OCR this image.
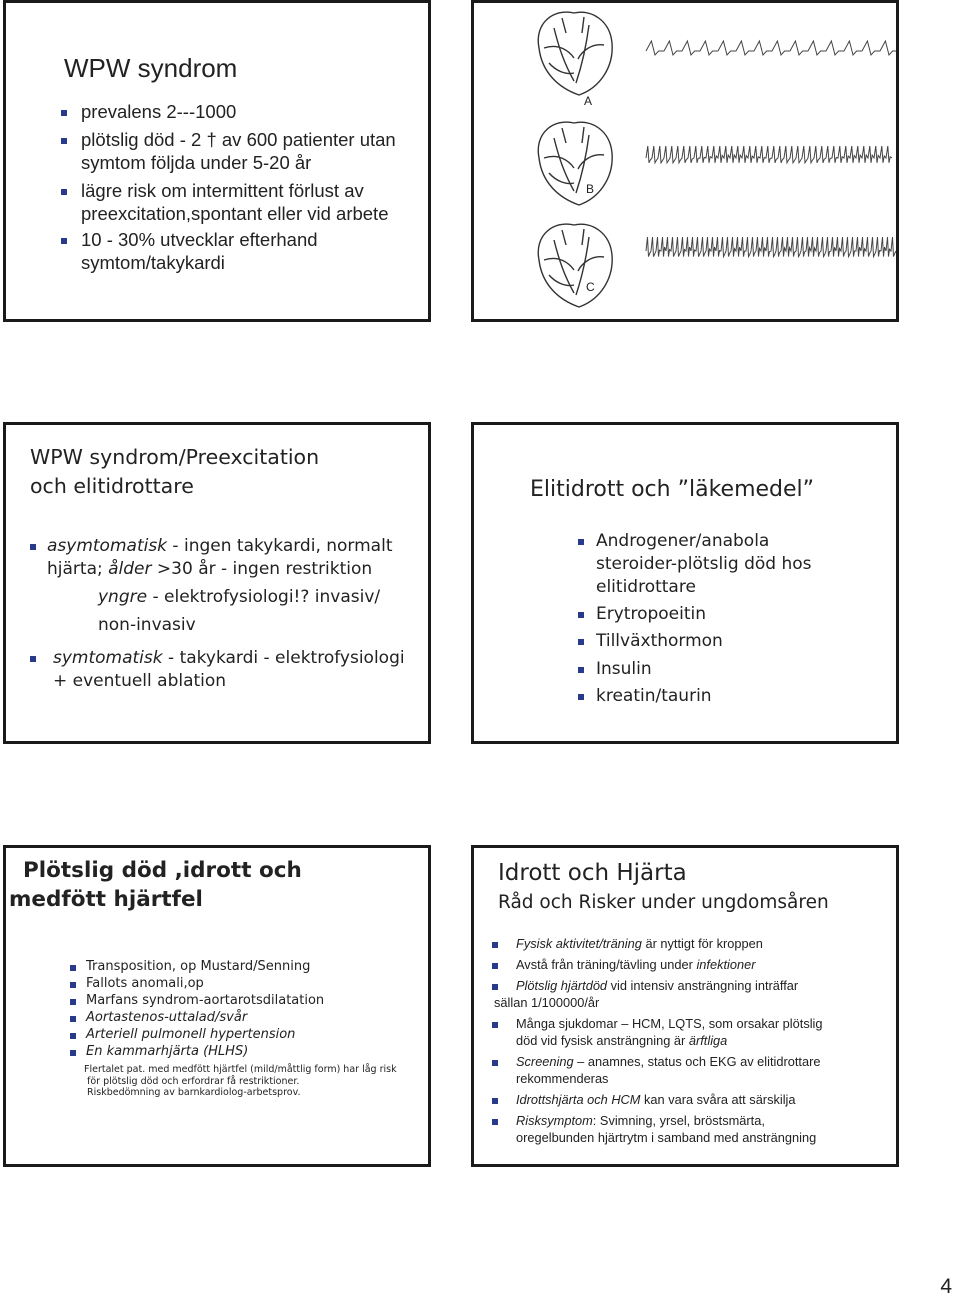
WPW syndrom
prevalens 2---1000
plötslig död - 2 † av 600 patienter utan
symtom följda under 5-20 år
lägre risk om intermittent förlust av
preexcitation,spontant eller vid arbete
10 - 30% utvecklar efterhand
symtom/takykardi
A
B
C
WPW syndrom/Preexcitation
och elitidrottare
asymtomatisk - ingen takykardi, normalt
hjärta; ålder >30 år - ingen restriktion
yngre - elektrofysiologi!? invasiv/
non-invasiv
symtomatisk - takykardi - elektrofysiologi
+ eventuell ablation
Elitidrott och ”läkemedel”
Androgener/anabola
steroider-plötslig död hos
elitidrottare
Erytropoeitin
Tillväxthormon
Insulin
kreatin/taurin
Plötslig död ,idrott och
medfött hjärtfel
Transposition, op Mustard/Senning
Fallots anomali,op
Marfans syndrom-aortarotsdilatation
Aortastenos-uttalad/svår
Arteriell pulmonell hypertension
En kammarhjärta (HLHS)
Flertalet pat. med medfött hjärtfel (mild/måttlig form) har låg risk
för plötslig död och erfordrar få restriktioner.
Riskbedömning av barnkardiolog-arbetsprov.
Idrott och Hjärta
Råd och Risker under ungdomsåren
Fysisk aktivitet/träning är nyttigt för kroppen
Avstå från träning/tävling under infektioner
Plötslig hjärtdöd vid intensiv ansträngning inträffar
sällan 1/100000/år
Många sjukdomar – HCM, LQTS, som orsakar plötslig
död vid fysisk ansträngning är ärftliga
Screening – anamnes, status och EKG av elitidrottare
rekommenderas
Idrottshjärta och HCM kan vara svåra att särskilja
Risksymptom: Svimning, yrsel, bröstsmärta,
oregelbunden hjärtrytm i samband med ansträngning
4
